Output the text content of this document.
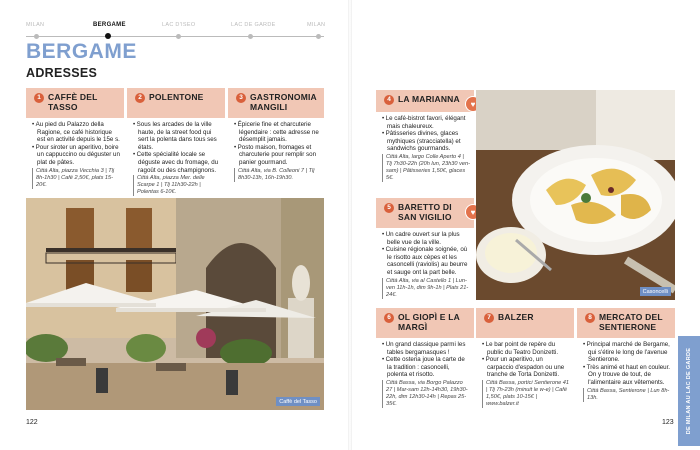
MILAN	BERGAME	LAC D'ISEO	LAC DE GARDE	MILAN
BERGAME
ADRESSES
1 CAFFÈ DEL TASSO

• Au pied du Palazzo della Ragione, ce café historique est en activité depuis le 15e s.

• Pour siroter un aperitivo, boire un cappuccino ou déguster un plat de pâtes.

Città Alta, piazza Vecchia 3 | Tlj 8h-1h30 | Café 2,50€, plats 15-20€.

2 POLENTONE

• Sous les arcades de la ville haute, de la street food qui sert la polenta dans tous ses états.

• Cette spécialité locale se déguste avec du fromage, du ragoût ou des champignons.

Città Alta, piazza Mer. delle Scarpe 1 | Tlj 11h30-22h | Polentas 6-10€.

3 GASTRONOMIA MANGILI

• Épicerie fine et charcuterie légendaire : cette adresse ne désemplit jamais.

• Posto maison, fromages et charcuterie pour remplir son panier gourmand.

Città Alta, via B. Colleoni 7 | Tlj 8h30-13h, 16h-19h30.

Caffè del Tasso
122
4 LA MARIANNA
♥

• Le café-bistrot favori, élégant mais chaleureux.

• Pâtisseries divines, glaces mythiques (stracciatella) et sandwichs gourmands.

Città Alta, largo Colle Aperto 4 | Tlj 7h30-22h (20h lun, 23h30 ven-sam) | Pâtisseries 1,50€, glaces 5€.

5 BARETTO DI SAN VIGILIO	♥

• Un cadre ouvert sur la plus belle vue de la ville.

• Cuisine régionale soignée, où le risotto aux cèpes et les casoncelli (raviolis) au beurre et sauge ont la part belle.

Città Alta, via al Castello 1 | Lun-ven 11h-1h, dim 9h-1h | Plats 21-24€.

Casoncelli
6 OL GIOPÌ E LA MARGÌ

• Un grand classique parmi les tables bergamasques !

• Cette osteria joue la carte de la tradition : casoncelli, polenta et risotto.

Città Bassa, via Borgo Palazzo 27 | Mar-sam 12h-14h30, 19h30-22h, dim 12h30-14h | Repas 25-35€.

7 BALZER

• Le bar point de repère du public du Teatro Donizetti.

• Pour un aperitivo, un carpaccio d'espadon ou une tranche de Torta Donizetti.

Città Bassa, portici Sentierone 41 | Tlj 7h-23h (minuit le w-e) | Café 1,50€, plats 10-15€ | www.balzer.it

8 MERCATO DEL SENTIERONE

• Principal marché de Bergame, qui s'étire le long de l'avenue Sentierone.

• Très animé et haut en couleur. On y trouve de tout, de l'alimentaire aux vêtements.

Città Bassa, Sentierone | Lun 8h-13h.

123 DE MILAN AU LAC DE GARDE
